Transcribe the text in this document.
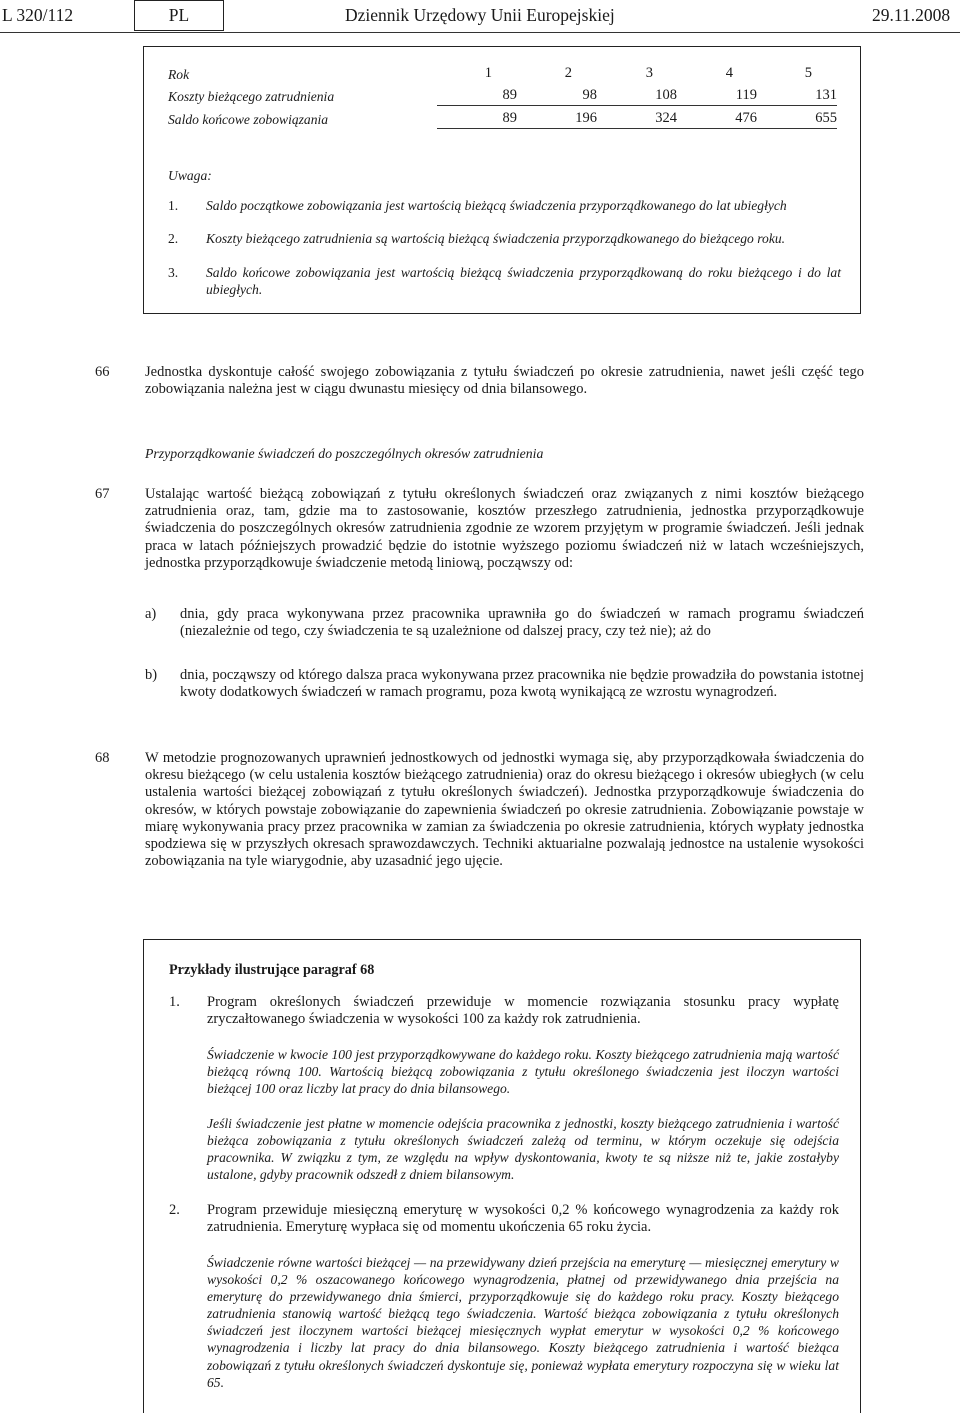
L 320/112	PL	Dziennik Urzędowy Unii Europejskiej	29.11.2008
Rok	1	2	3	4	5
Koszty bieżącego zatrudnienia	89	98	108	119	131
Saldo końcowe zobowiązania	89	196	324	476	655
Uwaga:
1. Saldo początkowe zobowiązania jest wartością bieżącą świadczenia przyporządkowanego do lat ubiegłych
2. Koszty bieżącego zatrudnienia są wartością bieżącą świadczenia przyporządkowanego do bieżącego roku.
3. Saldo końcowe zobowiązania jest wartością bieżącą świadczenia przyporządkowaną do roku bieżącego i do lat ubiegłych.
66 Jednostka dyskontuje całość swojego zobowiązania z tytułu świadczeń po okresie zatrudnienia, nawet jeśli część tego zobowiązania należna jest w ciągu dwunastu miesięcy od dnia bilansowego.
Przyporządkowanie świadczeń do poszczególnych okresów zatrudnienia
67 Ustalając wartość bieżącą zobowiązań z tytułu określonych świadczeń oraz związanych z nimi kosztów bieżącego zatrudnienia oraz, tam, gdzie ma to zastosowanie, kosztów przeszłego zatrudnienia, jednostka przyporządkowuje świadczenia do poszczególnych okresów zatrudnienia zgodnie ze wzorem przyjętym w programie świadczeń. Jeśli jednak praca w latach późniejszych prowadzić będzie do istotnie wyższego poziomu świadczeń niż w latach wcześniejszych, jednostka przyporządkowuje świadczenie metodą liniową, począwszy od:
a) dnia, gdy praca wykonywana przez pracownika uprawniła go do świadczeń w ramach programu świadczeń (niezależnie od tego, czy świadczenia te są uzależnione od dalszej pracy, czy też nie); aż do
b) dnia, począwszy od którego dalsza praca wykonywana przez pracownika nie będzie prowadziła do powstania istotnej kwoty dodatkowych świadczeń w ramach programu, poza kwotą wynikającą ze wzrostu wynagrodzeń.
68 W metodzie prognozowanych uprawnień jednostkowych od jednostki wymaga się, aby przyporządkowała świadczenia do okresu bieżącego (w celu ustalenia kosztów bieżącego zatrudnienia) oraz do okresu bieżącego i okresów ubiegłych (w celu ustalenia wartości bieżącej zobowiązań z tytułu określonych świadczeń). Jednostka przyporządkowuje świadczenia do okresów, w których powstaje zobowiązanie do zapewnienia świadczeń po okresie zatrudnienia. Zobowiązanie powstaje w miarę wykonywania pracy przez pracownika w zamian za świadczenia po okresie zatrudnienia, których wypłaty jednostka spodziewa się w przyszłych okresach sprawozdawczych. Techniki aktuarialne pozwalają jednostce na ustalenie wysokości zobowiązania na tyle wiarygodnie, aby uzasadnić jego ujęcie.
Przykłady ilustrujące paragraf 68
1. Program określonych świadczeń przewiduje w momencie rozwiązania stosunku pracy wypłatę zryczałtowanego świadczenia w wysokości 100 za każdy rok zatrudnienia.
Świadczenie w kwocie 100 jest przyporządkowywane do każdego roku. Koszty bieżącego zatrudnienia mają wartość bieżącą równą 100. Wartością bieżącą zobowiązania z tytułu określonego świadczenia jest iloczyn wartości bieżącej 100 oraz liczby lat pracy do dnia bilansowego.
Jeśli świadczenie jest płatne w momencie odejścia pracownika z jednostki, koszty bieżącego zatrudnienia i wartość bieżąca zobowiązania z tytułu określonych świadczeń zależą od terminu, w którym oczekuje się odejścia pracownika. W związku z tym, ze względu na wpływ dyskontowania, kwoty te są niższe niż te, jakie zostałyby ustalone, gdyby pracownik odszedł z dniem bilansowym.
2. Program przewiduje miesięczną emeryturę w wysokości 0,2 % końcowego wynagrodzenia za każdy rok zatrudnienia. Emeryturę wypłaca się od momentu ukończenia 65 roku życia.
Świadczenie równe wartości bieżącej — na przewidywany dzień przejścia na emeryturę — miesięcznej emerytury w wysokości 0,2 % oszacowanego końcowego wynagrodzenia, płatnej od przewidywanego dnia przejścia na emeryturę do przewidywanego dnia śmierci, przyporządkowuje się do każdego roku pracy. Koszty bieżącego zatrudnienia stanowią wartość bieżącą tego świadczenia. Wartość bieżąca zobowiązania z tytułu określonych świadczeń jest iloczynem wartości bieżącej miesięcznych wypłat emerytur w wysokości 0,2 % końcowego wynagrodzenia i liczby lat pracy do dnia bilansowego. Koszty bieżącego zatrudnienia i wartość bieżąca zobowiązań z tytułu określonych świadczeń dyskontuje się, ponieważ wypłata emerytury rozpoczyna się w wieku lat 65.
